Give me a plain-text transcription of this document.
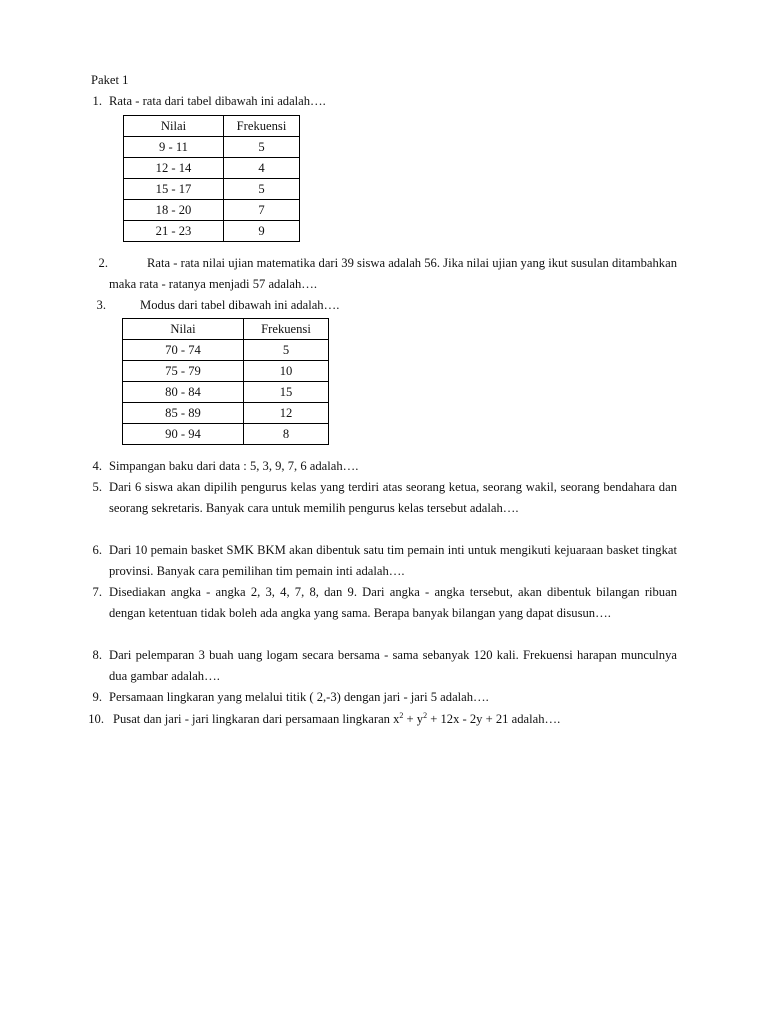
Paket 1
1. Rata - rata dari tabel dibawah ini adalah….
Nilai	Frekuensi
9 - 11	5
12 - 14	4
15 - 17	5
18 - 20	7
21 - 23	9
2.	Rata - rata nilai ujian matematika dari 39 siswa adalah 56. Jika nilai ujian yang ikut susulan ditambahkan maka rata - ratanya menjadi 57 adalah….
3.	Modus dari tabel dibawah ini adalah….
Nilai	Frekuensi
70 - 74	5
75 - 79	10
80 - 84	15
85 - 89	12
90 - 94	8
4. Simpangan baku dari data : 5, 3, 9, 7, 6 adalah….
5. Dari 6 siswa akan dipilih pengurus kelas yang terdiri atas seorang ketua, seorang wakil, seorang bendahara dan seorang sekretaris. Banyak cara untuk memilih pengurus kelas tersebut adalah….
6. Dari 10 pemain basket SMK BKM akan dibentuk satu tim pemain inti untuk mengikuti kejuaraan basket tingkat provinsi. Banyak cara pemilihan tim pemain inti adalah….
7. Disediakan angka - angka 2, 3, 4, 7, 8, dan 9. Dari angka - angka tersebut, akan dibentuk bilangan ribuan dengan ketentuan tidak boleh ada angka yang sama. Berapa banyak bilangan yang dapat disusun….
8. Dari pelemparan 3 buah uang logam secara bersama - sama sebanyak 120 kali. Frekuensi harapan munculnya dua gambar adalah….
9. Persamaan lingkaran yang melalui titik ( 2,-3) dengan jari - jari 5 adalah….
10. Pusat dan jari - jari lingkaran dari persamaan lingkaran $x^2 + y^2 + 12x - 2y + 21$ adalah….
